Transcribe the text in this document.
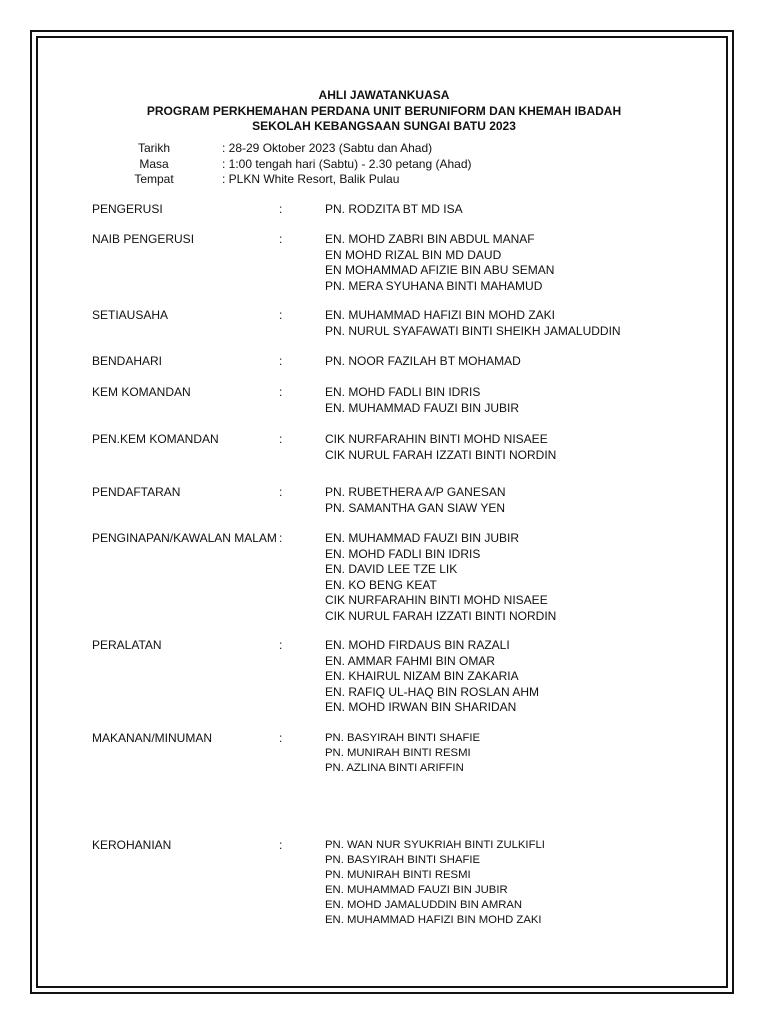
AHLI JAWATANKUASA
PROGRAM PERKHEMAHAN PERDANA UNIT BERUNIFORM DAN KHEMAH IBADAH
SEKOLAH KEBANGSAAN SUNGAI BATU 2023
Tarikh	: 28-29 Oktober 2023 (Sabtu dan Ahad)
Masa	: 1:00 tengah hari (Sabtu) - 2.30 petang (Ahad)
Tempat	: PLKN White Resort, Balik Pulau
PENGERUSI	:	PN. RODZITA BT MD ISA
NAIB PENGERUSI	:	EN. MOHD ZABRI BIN ABDUL MANAF
EN MOHD RIZAL BIN MD DAUD
EN MOHAMMAD AFIZIE BIN ABU SEMAN
PN. MERA SYUHANA BINTI MAHAMUD
SETIAUSAHA	:	EN. MUHAMMAD HAFIZI BIN MOHD ZAKI
PN. NURUL SYAFAWATI BINTI SHEIKH JAMALUDDIN
BENDAHARI	:	PN. NOOR FAZILAH BT MOHAMAD
KEM KOMANDAN	:	EN. MOHD FADLI BIN IDRIS
EN. MUHAMMAD FAUZI BIN JUBIR
PEN.KEM KOMANDAN	:	CIK NURFARAHIN BINTI MOHD NISAEE
CIK NURUL FARAH IZZATI BINTI NORDIN
PENDAFTARAN	:	PN. RUBETHERA A/P GANESAN
PN. SAMANTHA GAN SIAW YEN
PENGINAPAN/KAWALAN MALAM :	EN. MUHAMMAD FAUZI BIN JUBIR
EN. MOHD FADLI BIN IDRIS
EN. DAVID LEE TZE LIK
EN. KO BENG KEAT
CIK NURFARAHIN BINTI MOHD NISAEE
CIK NURUL FARAH IZZATI BINTI NORDIN
PERALATAN	:	EN. MOHD FIRDAUS BIN RAZALI
EN. AMMAR FAHMI BIN OMAR
EN. KHAIRUL NIZAM BIN ZAKARIA
EN. RAFIQ UL-HAQ BIN ROSLAN AHM
EN. MOHD IRWAN BIN SHARIDAN
MAKANAN/MINUMAN	:	PN. BASYIRAH BINTI SHAFIE
PN. MUNIRAH BINTI RESMI
PN. AZLINA BINTI ARIFFIN
KEROHANIAN	:	PN. WAN NUR SYUKRIAH BINTI ZULKIFLI
PN. BASYIRAH BINTI SHAFIE
PN. MUNIRAH BINTI RESMI
EN. MUHAMMAD FAUZI BIN JUBIR
EN. MOHD JAMALUDDIN BIN AMRAN
EN. MUHAMMAD HAFIZI BIN MOHD ZAKI
